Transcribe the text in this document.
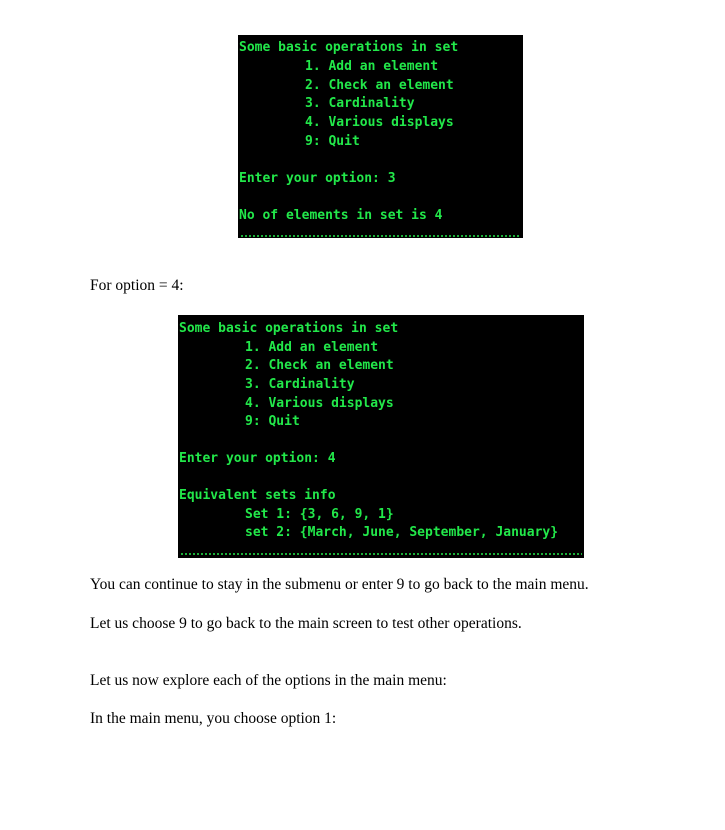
Some basic operations in set
1. Add an element
2. Check an element
3. Cardinality
4. Various displays
9: Quit
Enter your option: 3
No of elements in set is 4
For option = 4:
Some basic operations in set
1. Add an element
2. Check an element
3. Cardinality
4. Various displays
9: Quit
Enter your option: 4
Equivalent sets info
Set 1: {3, 6, 9, 1}
set 2: {March, June, September, January}
You can continue to stay in the submenu or enter 9 to go back to the main menu.
Let us choose 9 to go back to the main screen to test other operations.
Let us now explore each of the options in the main menu:
In the main menu, you choose option 1:
